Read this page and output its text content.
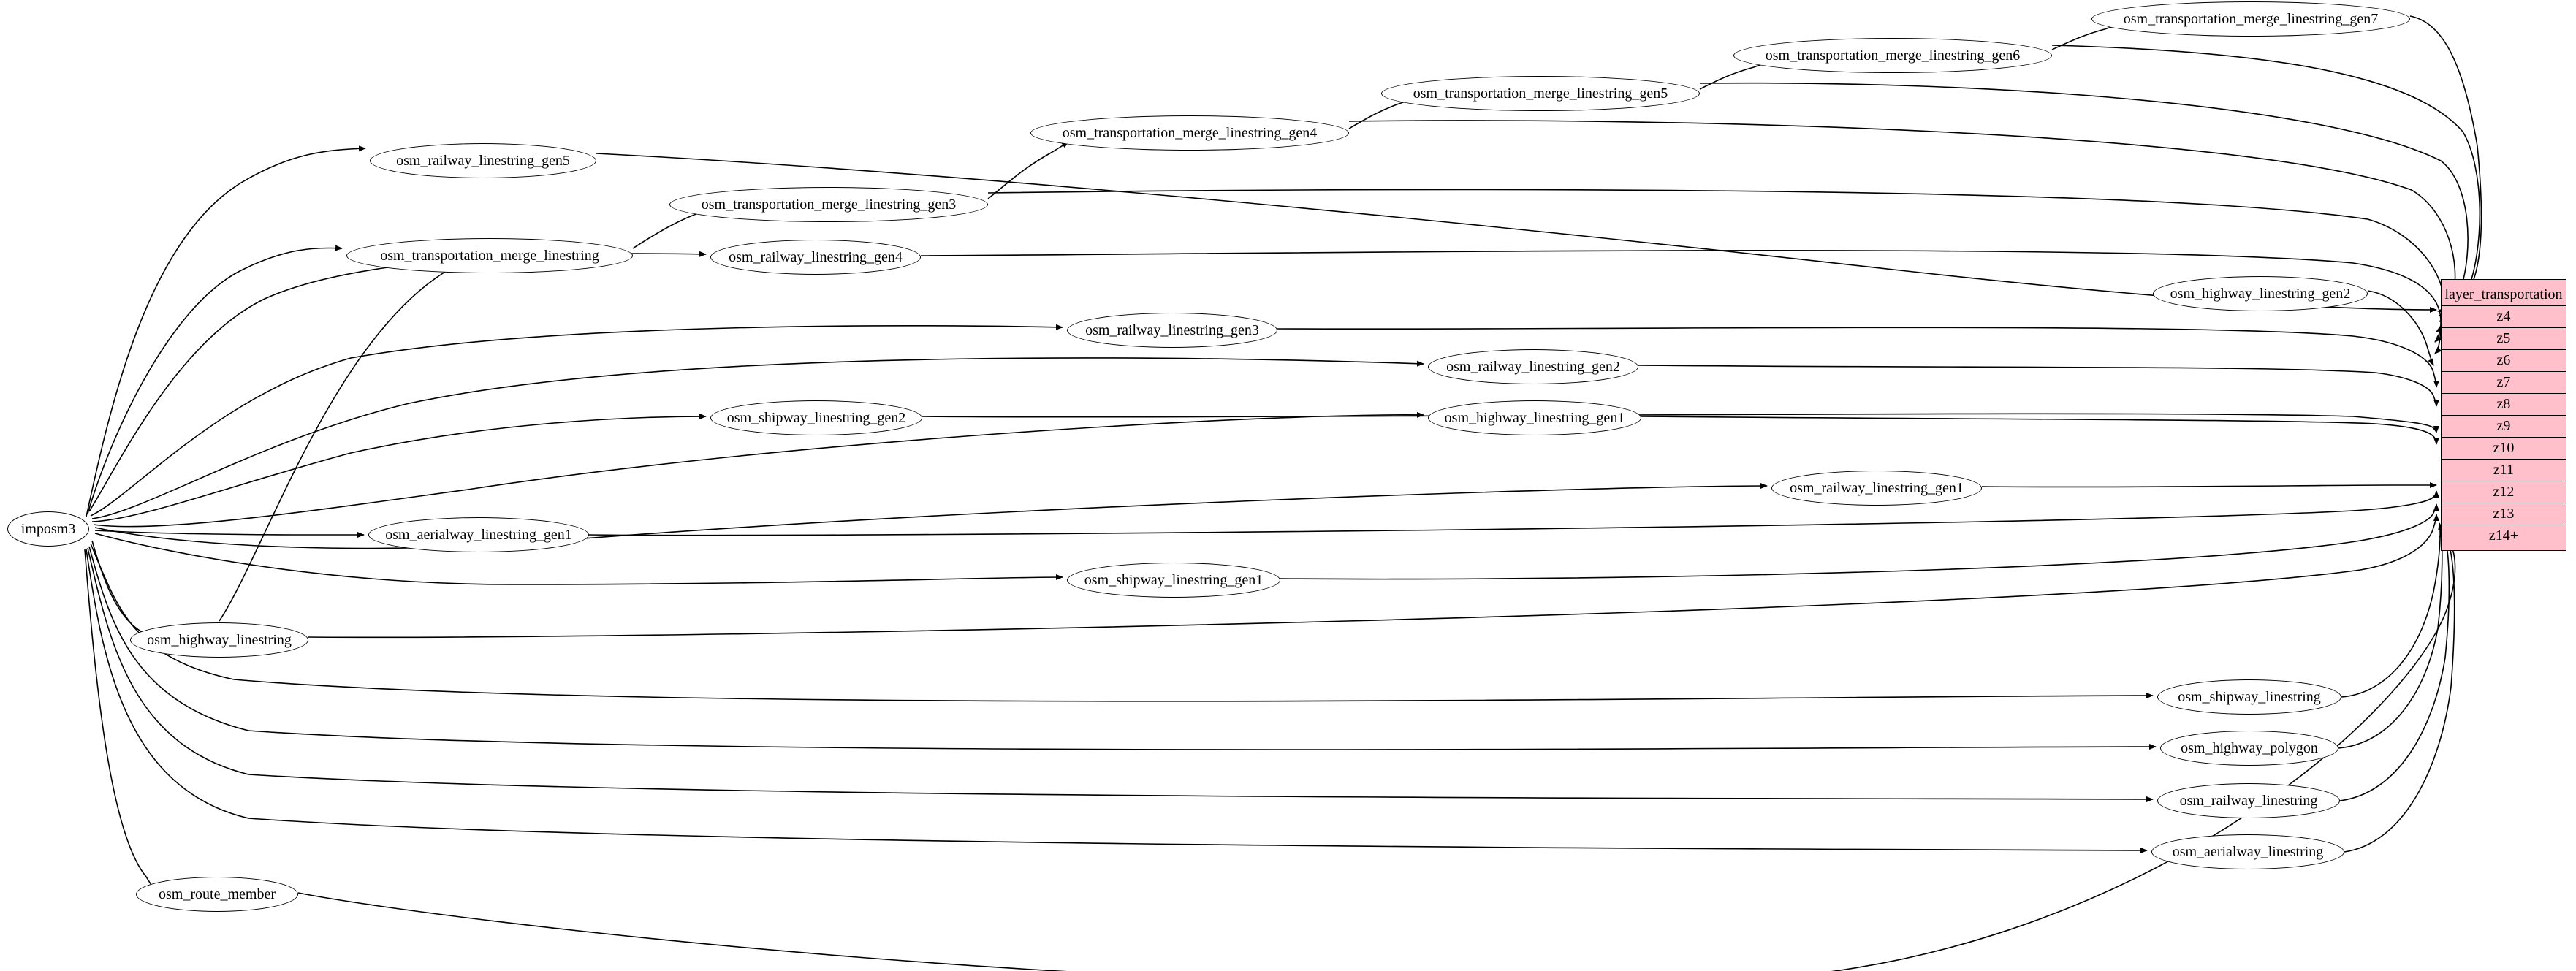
imposm3
osm_railway_linestring_gen5
osm_transportation_merge_linestring
osm_transportation_merge_linestring_gen3
osm_transportation_merge_linestring_gen4
osm_transportation_merge_linestring_gen5
osm_transportation_merge_linestring_gen6
osm_transportation_merge_linestring_gen7
osm_railway_linestring_gen4
osm_highway_linestring_gen2
osm_railway_linestring_gen3
osm_railway_linestring_gen2
osm_shipway_linestring_gen2	osm_highway_linestring_gen1
osm_railway_linestring_gen1
osm_aerialway_linestring_gen1
osm_shipway_linestring_gen1
osm_highway_linestring
osm_shipway_linestring
osm_highway_polygon
osm_railway_linestring
osm_aerialway_linestring
osm_route_member
layer_transportation
z4
z5
z6
z7
z8
z9
z10
z11
z12
z13
z14+
